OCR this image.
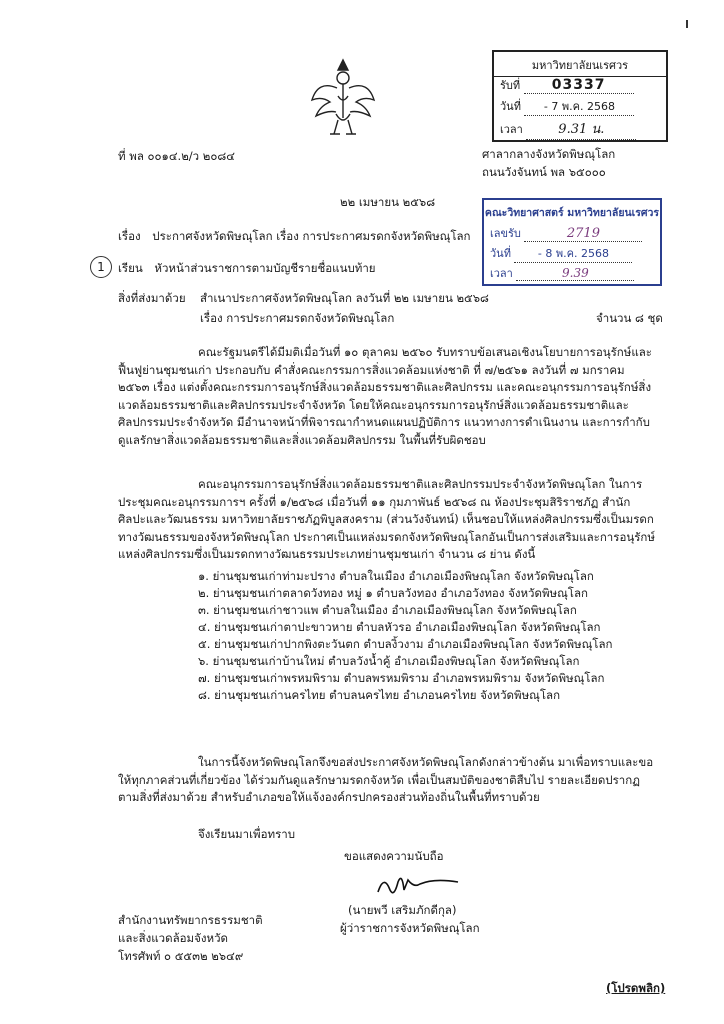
มหาวิทยาลัยนเรศวร
รับที่ 03337
วันที่ - 7 พ.ค. 2568
เวลา	9.31 น.
ที่ พล ๐๐๑๔.๒/ว ๒๐๘๔	ศาลากลางจังหวัดพิษณุโลก
ถนนวังจันทน์ พล ๖๕๐๐๐
๒๒ เมษายน ๒๕๖๘
คณะวิทยาศาสตร์ มหาวิทยาลัยนเรศวร
เลขรับ	2719
วันที่ - 8 พ.ค. 2568
เวลา	9.39
เรื่อง ประกาศจังหวัดพิษณุโลก เรื่อง การประกาศมรดกจังหวัดพิษณุโลก
1	เรียน หัวหน้าส่วนราชการตามบัญชีรายชื่อแนบท้าย
สิ่งที่ส่งมาด้วย สำเนาประกาศจังหวัดพิษณุโลก ลงวันที่ ๒๒ เมษายน ๒๕๖๘
เรื่อง การประกาศมรดกจังหวัดพิษณุโลก	จำนวน ๘ ชุด
คณะรัฐมนตรีได้มีมติเมื่อวันที่ ๑๐ ตุลาคม ๒๕๖๐ รับทราบข้อเสนอเชิงนโยบายการอนุรักษ์และฟื้นฟูย่านชุมชนเก่า ประกอบกับ คำสั่งคณะกรรมการสิ่งแวดล้อมแห่งชาติ ที่ ๗/๒๕๖๑ ลงวันที่ ๗ มกราคม ๒๕๖๓ เรื่อง แต่งตั้งคณะกรรมการอนุรักษ์สิ่งแวดล้อมธรรมชาติและศิลปกรรม และคณะอนุกรรมการอนุรักษ์สิ่งแวดล้อมธรรมชาติและศิลปกรรมประจำจังหวัด โดยให้คณะอนุกรรมการอนุรักษ์สิ่งแวดล้อมธรรมชาติและศิลปกรรมประจำจังหวัด มีอำนาจหน้าที่พิจารณากำหนดแผนปฏิบัติการ แนวทางการดำเนินงาน และการกำกับดูแลรักษาสิ่งแวดล้อมธรรมชาติและสิ่งแวดล้อมศิลปกรรม ในพื้นที่รับผิดชอบ
คณะอนุกรรมการอนุรักษ์สิ่งแวดล้อมธรรมชาติและศิลปกรรมประจำจังหวัดพิษณุโลก ในการประชุมคณะอนุกรรมการฯ ครั้งที่ ๑/๒๕๖๘ เมื่อวันที่ ๑๑ กุมภาพันธ์ ๒๕๖๘ ณ ห้องประชุมสิริราชภัฏ สำนักศิลปะและวัฒนธรรม มหาวิทยาลัยราชภัฏพิบูลสงคราม (ส่วนวังจันทน์) เห็นชอบให้แหล่งศิลปกรรมซึ่งเป็นมรดกทางวัฒนธรรมของจังหวัดพิษณุโลก ประกาศเป็นแหล่งมรดกจังหวัดพิษณุโลกอันเป็นการส่งเสริมและการอนุรักษ์แหล่งศิลปกรรมซึ่งเป็นมรดกทางวัฒนธรรมประเภทย่านชุมชนเก่า จำนวน ๘ ย่าน ดังนี้
๑. ย่านชุมชนเก่าท่ามะปราง ตำบลในเมือง อำเภอเมืองพิษณุโลก จังหวัดพิษณุโลก
๒. ย่านชุมชนเก่าตลาดวังทอง หมู่ ๑ ตำบลวังทอง อำเภอวังทอง จังหวัดพิษณุโลก
๓. ย่านชุมชนเก่าชาวแพ ตำบลในเมือง อำเภอเมืองพิษณุโลก จังหวัดพิษณุโลก
๔. ย่านชุมชนเก่าตาปะขาวหาย ตำบลหัวรอ อำเภอเมืองพิษณุโลก จังหวัดพิษณุโลก
๕. ย่านชุมชนเก่าปากพิงตะวันตก ตำบลงิ้วงาม อำเภอเมืองพิษณุโลก จังหวัดพิษณุโลก
๖. ย่านชุมชนเก่าบ้านใหม่ ตำบลวังน้ำคู้ อำเภอเมืองพิษณุโลก จังหวัดพิษณุโลก
๗. ย่านชุมชนเก่าพรหมพิราม ตำบลพรหมพิราม อำเภอพรหมพิราม จังหวัดพิษณุโลก
๘. ย่านชุมชนเก่านครไทย ตำบลนครไทย อำเภอนครไทย จังหวัดพิษณุโลก
ในการนี้จังหวัดพิษณุโลกจึงขอส่งประกาศจังหวัดพิษณุโลกดังกล่าวข้างต้น มาเพื่อทราบและขอให้ทุกภาคส่วนที่เกี่ยวข้อง ได้ร่วมกันดูแลรักษามรดกจังหวัด เพื่อเป็นสมบัติของชาติสืบไป รายละเอียดปรากฏตามสิ่งที่ส่งมาด้วย สำหรับอำเภอขอให้แจ้งองค์กรปกครองส่วนท้องถิ่นในพื้นที่ทราบด้วย
จึงเรียนมาเพื่อทราบ
ขอแสดงความนับถือ
(นายพวี เสริมภักดีกุล)
ผู้ว่าราชการจังหวัดพิษณุโลก
สำนักงานทรัพยากรธรรมชาติ
และสิ่งแวดล้อมจังหวัด
โทรศัพท์ ๐ ๕๕๓๒ ๒๖๔๙
(โปรดพลิก)
